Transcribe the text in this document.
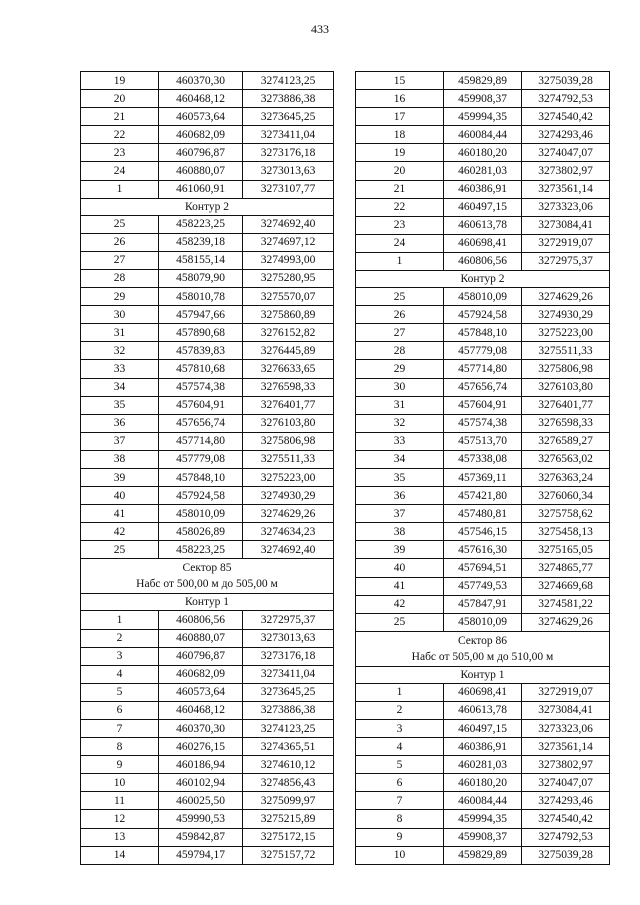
433
19	460370,30	3274123,25
20	460468,12	3273886,38
21	460573,64	3273645,25
22	460682,09	3273411,04
23	460796,87	3273176,18
24	460880,07	3273013,63
1	461060,91	3273107,77
Контур 2		
25	458223,25	3274692,40
26	458239,18	3274697,12
27	458155,14	3274993,00
28	458079,90	3275280,95
29	458010,78	3275570,07
30	457947,66	3275860,89
31	457890,68	3276152,82
32	457839,83	3276445,89
33	457810,68	3276633,65
34	457574,38	3276598,33
35	457604,91	3276401,77
36	457656,74	3276103,80
37	457714,80	3275806,98
38	457779,08	3275511,33
39	457848,10	3275223,00
40	457924,58	3274930,29
41	458010,09	3274629,26
42	458026,89	3274634,23
25	458223,25	3274692,40

Сектор 85
Набс от 500,00 м до 505,00 м		

Контур 1		
1	460806,56	3272975,37
2	460880,07	3273013,63
3	460796,87	3273176,18
4	460682,09	3273411,04
5	460573,64	3273645,25
6	460468,12	3273886,38
7	460370,30	3274123,25
8	460276,15	3274365,51
9	460186,94	3274610,12
10	460102,94	3274856,43
11	460025,50	3275099,97
12	459990,53	3275215,89
13	459842,87	3275172,15
14	459794,17	3275157,72
15	459829,89	3275039,28
16	459908,37	3274792,53
17	459994,35	3274540,42
18	460084,44	3274293,46
19	460180,20	3274047,07
20	460281,03	3273802,97
21	460386,91	3273561,14
22	460497,15	3273323,06
23	460613,78	3273084,41
24	460698,41	3272919,07
1	460806,56	3272975,37
Контур 2		
25	458010,09	3274629,26
26	457924,58	3274930,29
27	457848,10	3275223,00
28	457779,08	3275511,33
29	457714,80	3275806,98
30	457656,74	3276103,80
31	457604,91	3276401,77
32	457574,38	3276598,33
33	457513,70	3276589,27
34	457338,08	3276563,02
35	457369,11	3276363,24
36	457421,80	3276060,34
37	457480,81	3275758,62
38	457546,15	3275458,13
39	457616,30	3275165,05
40	457694,51	3274865,77
41	457749,53	3274669,68
42	457847,91	3274581,22
25	458010,09	3274629,26

Сектор 86
Набс от 505,00 м до 510,00 м		

Контур 1		
1	460698,41	3272919,07
2	460613,78	3273084,41
3	460497,15	3273323,06
4	460386,91	3273561,14
5	460281,03	3273802,97
6	460180,20	3274047,07
7	460084,44	3274293,46
8	459994,35	3274540,42
9	459908,37	3274792,53
10	459829,89	3275039,28
